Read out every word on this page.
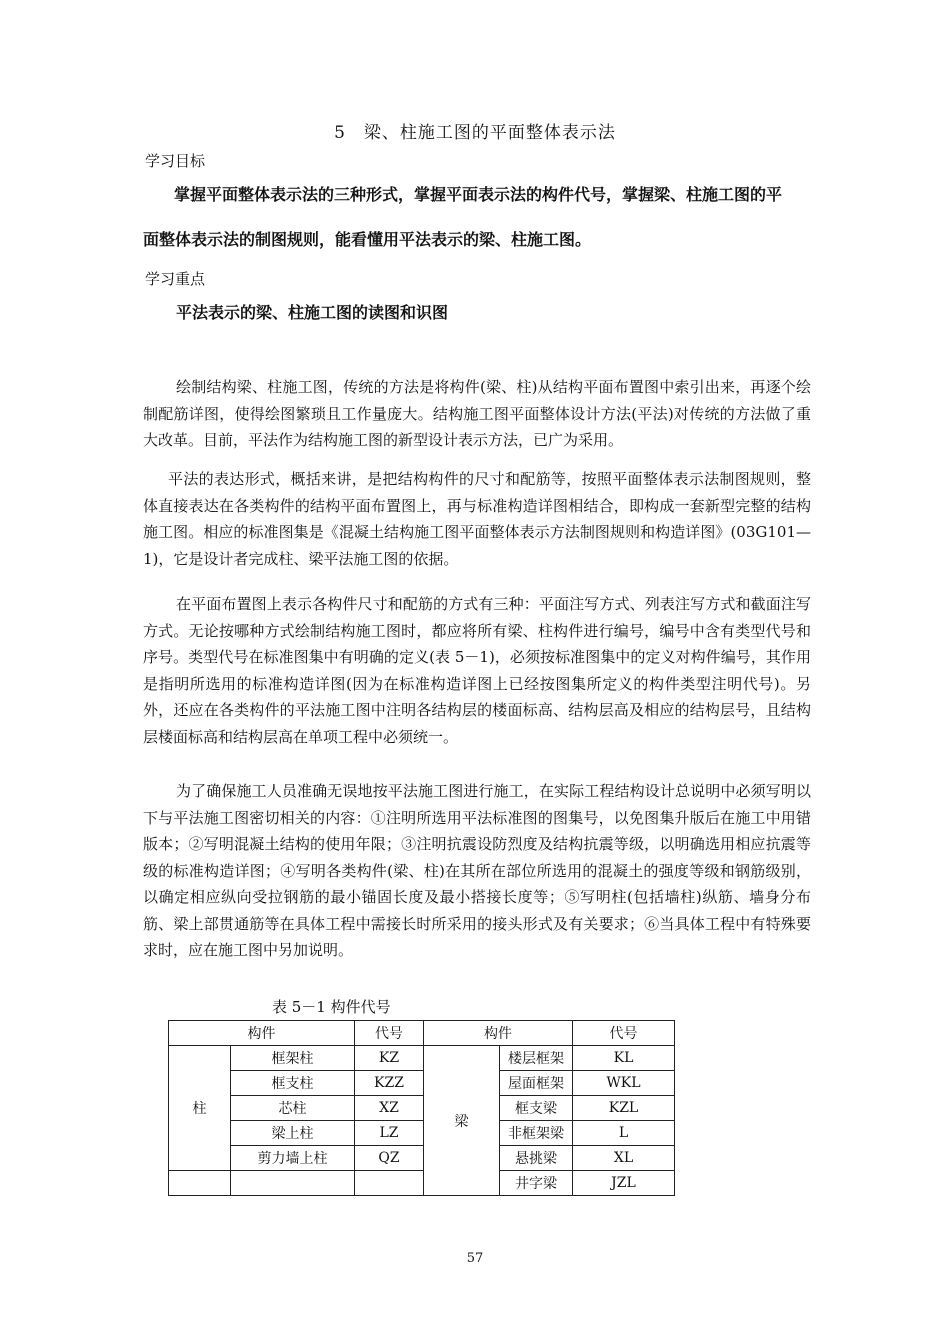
5　梁、柱施工图的平面整体表示法
学习目标
掌握平面整体表示法的三种形式，掌握平面表示法的构件代号，掌握梁、柱施工图的平
面整体表示法的制图规则，能看懂用平法表示的梁、柱施工图。
学习重点
平法表示的梁、柱施工图的读图和识图
绘制结构梁、柱施工图，传统的方法是将构件(梁、柱)从结构平面布置图中索引出来，再逐个绘制配筋详图，使得绘图繁琐且工作量庞大。结构施工图平面整体设计方法(平法)对传统的方法做了重大改革。目前，平法作为结构施工图的新型设计表示方法，已广为采用。
平法的表达形式，概括来讲，是把结构构件的尺寸和配筋等，按照平面整体表示法制图规则，整体直接表达在各类构件的结构平面布置图上，再与标准构造详图相结合，即构成一套新型完整的结构施工图。相应的标准图集是《混凝土结构施工图平面整体表示方法制图规则和构造详图》(03G101—1)，它是设计者完成柱、梁平法施工图的依据。
在平面布置图上表示各构件尺寸和配筋的方式有三种：平面注写方式、列表注写方式和截面注写方式。无论按哪种方式绘制结构施工图时，都应将所有梁、柱构件进行编号，编号中含有类型代号和序号。类型代号在标准图集中有明确的定义(表 5－1)，必须按标准图集中的定义对构件编号，其作用是指明所选用的标准构造详图(因为在标准构造详图上已经按图集所定义的构件类型注明代号)。另外，还应在各类构件的平法施工图中注明各结构层的楼面标高、结构层高及相应的结构层号，且结构层楼面标高和结构层高在单项工程中必须统一。
为了确保施工人员准确无误地按平法施工图进行施工，在实际工程结构设计总说明中必须写明以下与平法施工图密切相关的内容：①注明所选用平法标准图的图集号，以免图集升版后在施工中用错版本；②写明混凝土结构的使用年限；③注明抗震设防烈度及结构抗震等级，以明确选用相应抗震等级的标准构造详图；④写明各类构件(梁、柱)在其所在部位所选用的混凝土的强度等级和钢筋级别，以确定相应纵向受拉钢筋的最小锚固长度及最小搭接长度等；⑤写明柱(包括墙柱)纵筋、墙身分布筋、梁上部贯通筋等在具体工程中需接长时所采用的接头形式及有关要求；⑥当具体工程中有特殊要求时，应在施工图中另加说明。
表 5－1 构件代号
构件		代号	构件		代号
柱	框架柱	KZ	梁	楼层框架	KL
	框支柱	KZZ		屋面框架	WKL
	芯柱	XZ		框支梁	KZL
	梁上柱	LZ		非框架梁	L
	剪力墙上柱	QZ		悬挑梁	XL
				井字梁	JZL
57
